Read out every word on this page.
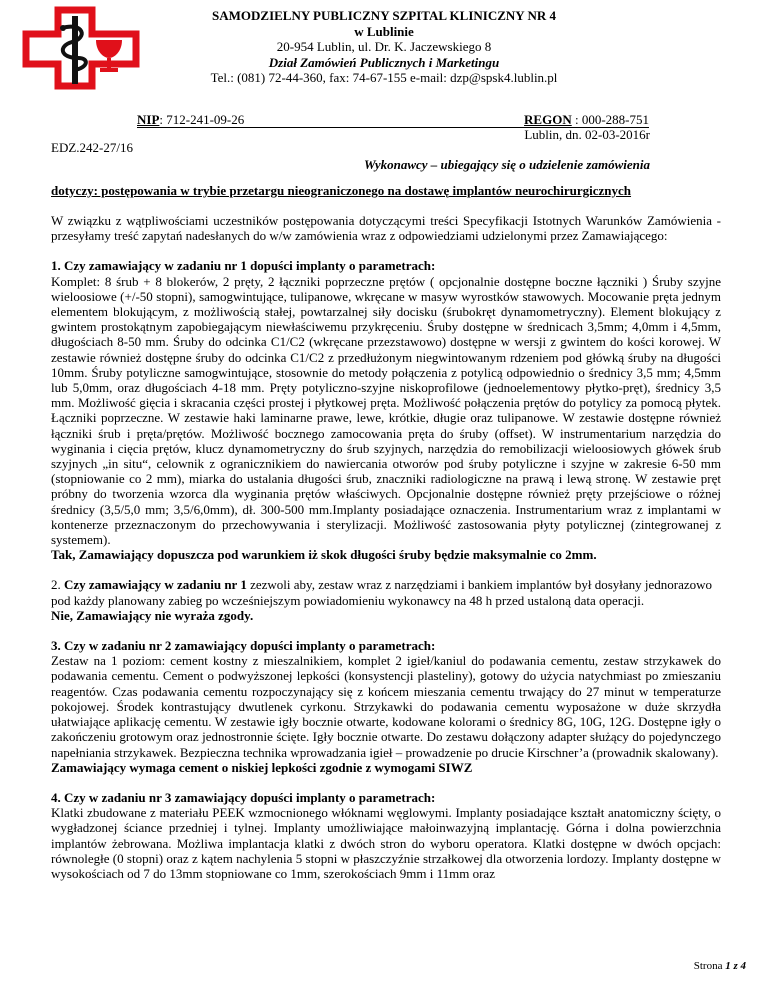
SAMODZIELNY PUBLICZNY SZPITAL KLINICZNY NR 4
w Lublinie
20-954 Lublin, ul. Dr. K. Jaczewskiego 8
Dział Zamówień Publicznych i Marketingu
Tel.: (081) 72-44-360, fax: 74-67-155 e-mail: dzp@spsk4.lublin.pl
NIP: 712-241-09-26	REGON : 000-288-751
Lublin, dn. 02-03-2016r
EDZ.242-27/16
Wykonawcy – ubiegający się o udzielenie zamówienia
dotyczy: postępowania w trybie przetargu nieograniczonego na dostawę implantów neurochirurgicznych

W związku z wątpliwościami uczestników postępowania dotyczącymi treści Specyfikacji Istotnych Warunków Zamówienia - przesyłamy treść zapytań nadesłanych do w/w zamówienia wraz z odpowiedziami udzielonymi przez Zamawiającego:

1. Czy zamawiający w zadaniu nr 1 dopuści implanty o parametrach:
Komplet: 8 śrub + 8 blokerów, 2 pręty, 2 łączniki poprzeczne prętów ( opcjonalnie dostępne boczne łączniki ) Śruby szyjne wieloosiowe (+/-50 stopni), samogwintujące, tulipanowe, wkręcane w masyw wyrostków stawowych. Mocowanie pręta jednym elementem blokującym, z możliwością stałej, powtarzalnej siły docisku (śrubokręt dynamometryczny). Element blokujący z gwintem prostokątnym zapobiegającym niewłaściwemu przykręceniu. Śruby dostępne w średnicach 3,5mm; 4,0mm i 4,5mm, długościach 8-50 mm. Śruby do odcinka C1/C2 (wkręcane przezstawowo) dostępne w wersji z gwintem do kości korowej. W zestawie również dostępne śruby do odcinka C1/C2 z przedłużonym niegwintowanym rdzeniem pod główką śruby na długości 10mm. Śruby potyliczne samogwintujące, stosownie do metody połączenia z potylicą odpowiednio o średnicy 3,5 mm; 4,5mm lub 5,0mm, oraz długościach 4-18 mm. Pręty potyliczno-szyjne niskoprofilowe (jednoelementowy płytko-pręt), średnicy 3,5 mm. Możliwość gięcia i skracania części prostej i płytkowej pręta. Możliwość połączenia prętów do potylicy za pomocą płytek. Łączniki poprzeczne. W zestawie haki laminarne prawe, lewe, krótkie, długie oraz tulipanowe. W zestawie dostępne również łączniki śrub i pręta/prętów. Możliwość bocznego zamocowania pręta do śruby (offset). W instrumentarium narzędzia do wyginania i cięcia prętów, klucz dynamometryczny do śrub szyjnych, narzędzia do remobilizacji wieloosiowych główek śrub szyjnych „in situ“, celownik z ogranicznikiem do nawiercania otworów pod śruby potyliczne i szyjne w zakresie 6-50 mm (stopniowanie co 2 mm), miarka do ustalania długości śrub, znaczniki radiologiczne na prawą i lewą stronę. W zestawie pręt próbny do tworzenia wzorca dla wyginania prętów właściwych. Opcjonalnie dostępne również pręty przejściowe o różnej średnicy (3,5/5,0 mm; 3,5/6,0mm), dł. 300-500 mm.Implanty posiadające oznaczenia. Instrumentarium wraz z implantami w kontenerze przeznaczonym do przechowywania i sterylizacji. Możliwość zastosowania płyty potylicznej (zintegrowanej z systemem).
Tak, Zamawiający dopuszcza pod warunkiem iż skok długości śruby będzie maksymalnie co 2mm.

2. Czy zamawiający w zadaniu nr 1 zezwoli aby, zestaw wraz z narzędziami i bankiem implantów był dosyłany jednorazowo pod każdy planowany zabieg po wcześniejszym powiadomieniu wykonawcy na 48 h przed ustaloną data operacji.
Nie, Zamawiający nie wyraża zgody.

3. Czy w zadaniu nr 2 zamawiający dopuści implanty o parametrach:
Zestaw na 1 poziom: cement kostny z mieszalnikiem, komplet 2 igieł/kaniul do podawania cementu, zestaw strzykawek do podawania cementu. Cement o podwyższonej lepkości (konsystencji plasteliny), gotowy do użycia natychmiast po zmieszaniu reagentów. Czas podawania cementu rozpoczynający się z końcem mieszania cementu trwający do 27 minut w temperaturze pokojowej. Środek kontrastujący dwutlenek cyrkonu. Strzykawki do podawania cementu wyposażone w duże skrzydła ułatwiające aplikację cementu. W zestawie igły bocznie otwarte, kodowane kolorami o średnicy 8G, 10G, 12G. Dostępne igły o zakończeniu grotowym oraz jednostronnie ścięte. Igły bocznie otwarte. Do zestawu dołączony adapter służący do pojedynczego napełniania strzykawek. Bezpieczna technika wprowadzania igieł – prowadzenie po drucie Kirschner’a (prowadnik skalowany).
Zamawiający wymaga cement o niskiej lepkości zgodnie z wymogami SIWZ

4. Czy w zadaniu nr 3 zamawiający dopuści implanty o parametrach:
Klatki zbudowane z materiału PEEK wzmocnionego włóknami węglowymi. Implanty posiadające kształt anatomiczny ścięty, o wygładzonej ściance przedniej i tylnej. Implanty umożliwiające małoinwazyjną implantację. Górna i dolna powierzchnia implantów żebrowana. Możliwa implantacja klatki z dwóch stron do wyboru operatora. Klatki dostępne w dwóch opcjach: równoległe (0 stopni) oraz z kątem nachylenia 5 stopni w płaszczyźnie strzałkowej dla otworzenia lordozy. Implanty dostępne w wysokościach od 7 do 13mm stopniowane co 1mm, szerokościach 9mm i 11mm oraz

Strona 1 z 4
